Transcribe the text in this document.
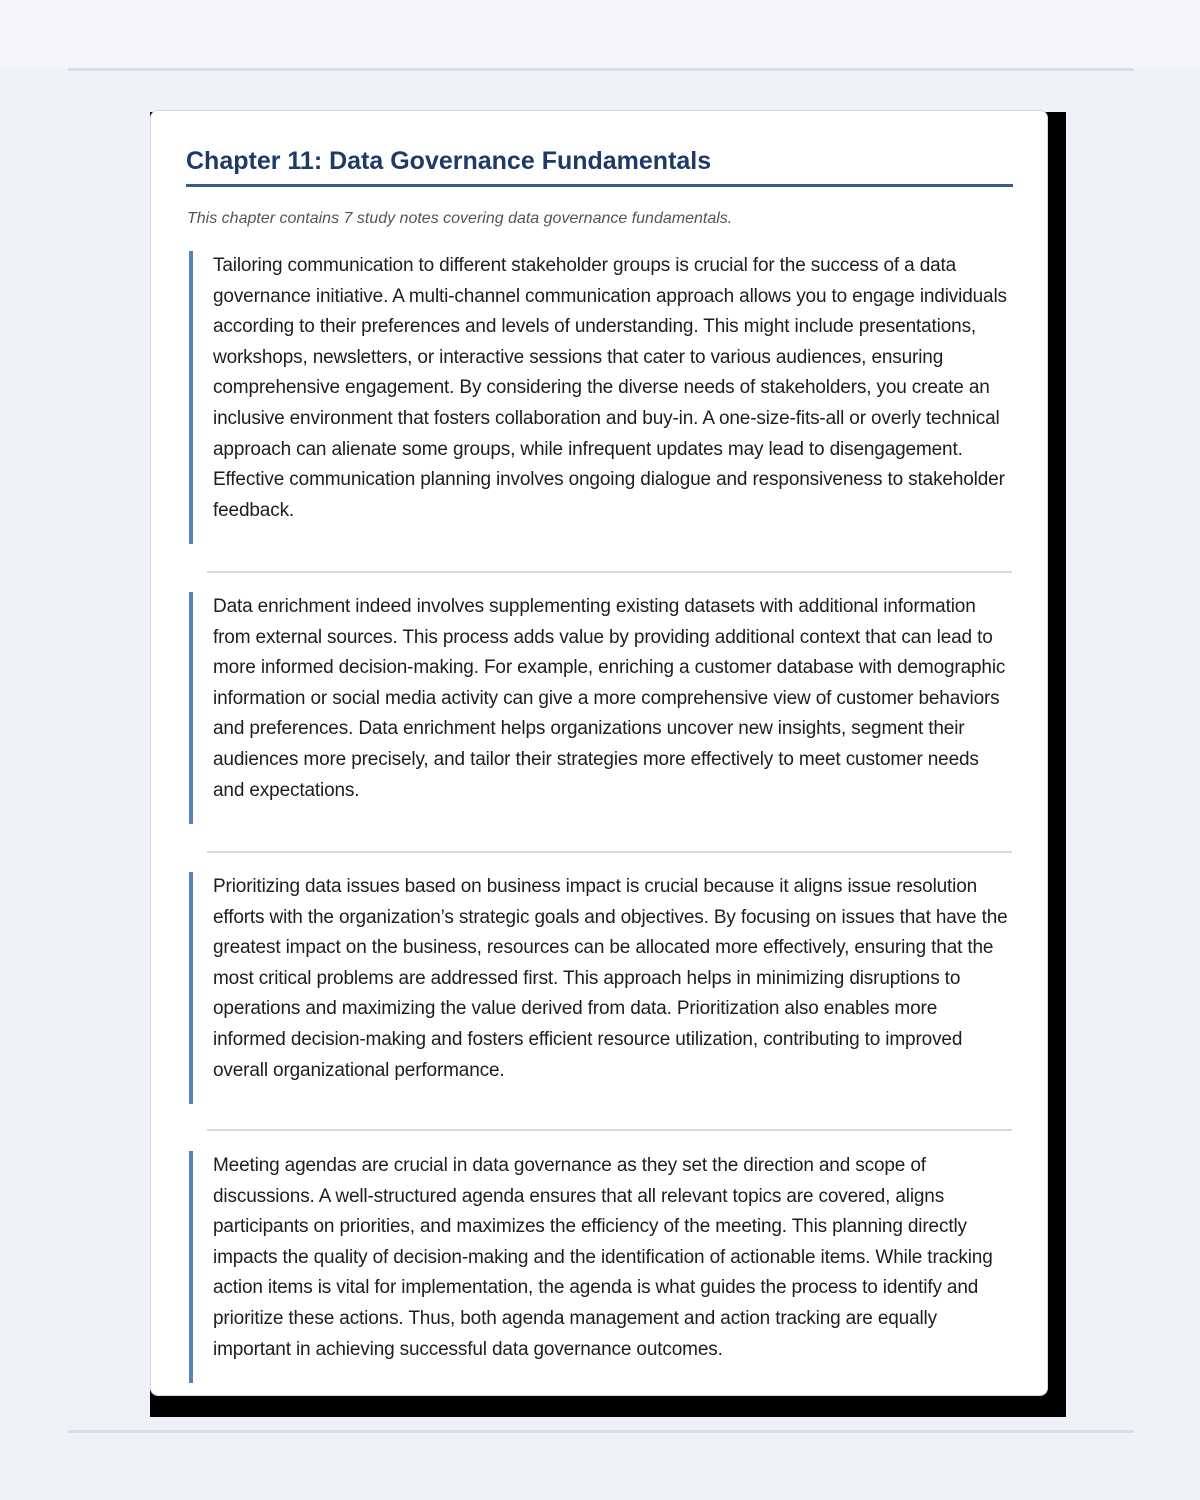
Chapter 11: Data Governance Fundamentals

This chapter contains 7 study notes covering data governance fundamentals.

Tailoring communication to different stakeholder groups is crucial for the success of a data governance initiative. A multi-channel communication approach allows you to engage individuals according to their preferences and levels of understanding. This might include presentations, workshops, newsletters, or interactive sessions that cater to various audiences, ensuring comprehensive engagement. By considering the diverse needs of stakeholders, you create an inclusive environment that fosters collaboration and buy-in. A one-size-fits-all or overly technical approach can alienate some groups, while infrequent updates may lead to disengagement. Effective communication planning involves ongoing dialogue and responsiveness to stakeholder feedback.

Data enrichment indeed involves supplementing existing datasets with additional information from external sources. This process adds value by providing additional context that can lead to more informed decision-making. For example, enriching a customer database with demographic information or social media activity can give a more comprehensive view of customer behaviors and preferences. Data enrichment helps organizations uncover new insights, segment their audiences more precisely, and tailor their strategies more effectively to meet customer needs and expectations.

Prioritizing data issues based on business impact is crucial because it aligns issue resolution efforts with the organization’s strategic goals and objectives. By focusing on issues that have the greatest impact on the business, resources can be allocated more effectively, ensuring that the most critical problems are addressed first. This approach helps in minimizing disruptions to operations and maximizing the value derived from data. Prioritization also enables more informed decision-making and fosters efficient resource utilization, contributing to improved overall organizational performance.

Meeting agendas are crucial in data governance as they set the direction and scope of discussions. A well-structured agenda ensures that all relevant topics are covered, aligns participants on priorities, and maximizes the efficiency of the meeting. This planning directly impacts the quality of decision-making and the identification of actionable items. While tracking action items is vital for implementation, the agenda is what guides the process to identify and prioritize these actions. Thus, both agenda management and action tracking are equally important in achieving successful data governance outcomes.
